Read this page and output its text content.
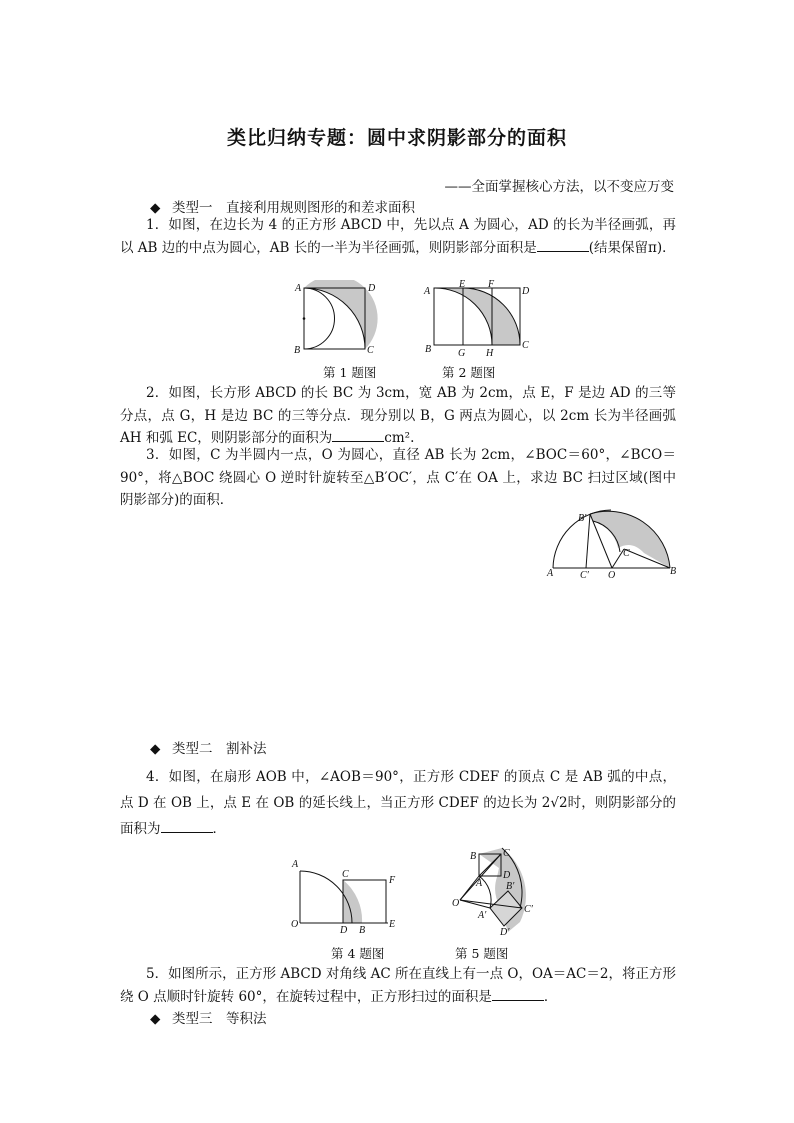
类比归纳专题：圆中求阴影部分的面积
——全面掌握核心方法，以不变应万变
◆ 类型一　直接利用规则图形的和差求面积
1．如图，在边长为 4 的正方形 ABCD 中，先以点 A 为圆心，AD 的长为半径画弧，再以 AB 边的中点为圆心，AB 长的一半为半径画弧，则阴影部分面积是	(结果保留π)．
A	D
B	C
A
E F
D
B	G H
C
第 1 题图	第 2 题图
2．如图，长方形 ABCD 的长 BC 为 3cm，宽 AB 为 2cm，点 E，F 是边 AD 的三等分点，点 G，H 是边 BC 的三等分点．现分别以 B，G 两点为圆心，以 2cm 长为半径画弧 AH 和弧 EC，则阴影部分的面积为	cm².
3．如图，C 为半圆内一点，O 为圆心，直径 AB 长为 2cm，∠BOC＝60°，∠BCO＝90°，将△BOC 绕圆心 O 逆时针旋转至△B′OC′，点 C′在 OA 上，求边 BC 扫过区域(图中阴影部分)的面积．
B′
C
A	C′ O	B
◆ 类型二　割补法
4．如图，在扇形 AOB 中，∠AOB＝90°，正方形 CDEF 的顶点 C 是 AB 弧的中点，点 D 在 OB 上，点 E 在 OB 的延长线上，当正方形 CDEF 的边长为 2√2时，则阴影部分的面积为	．
A
C
F
O
D B
E
B	C
A
D
B′
O
A′
C′
D′
第 4 题图	第 5 题图
5．如图所示，正方形 ABCD 对角线 AC 所在直线上有一点 O，OA＝AC＝2，将正方形绕 O 点顺时针旋转 60°，在旋转过程中，正方形扫过的面积是	．
◆ 类型三　等积法
